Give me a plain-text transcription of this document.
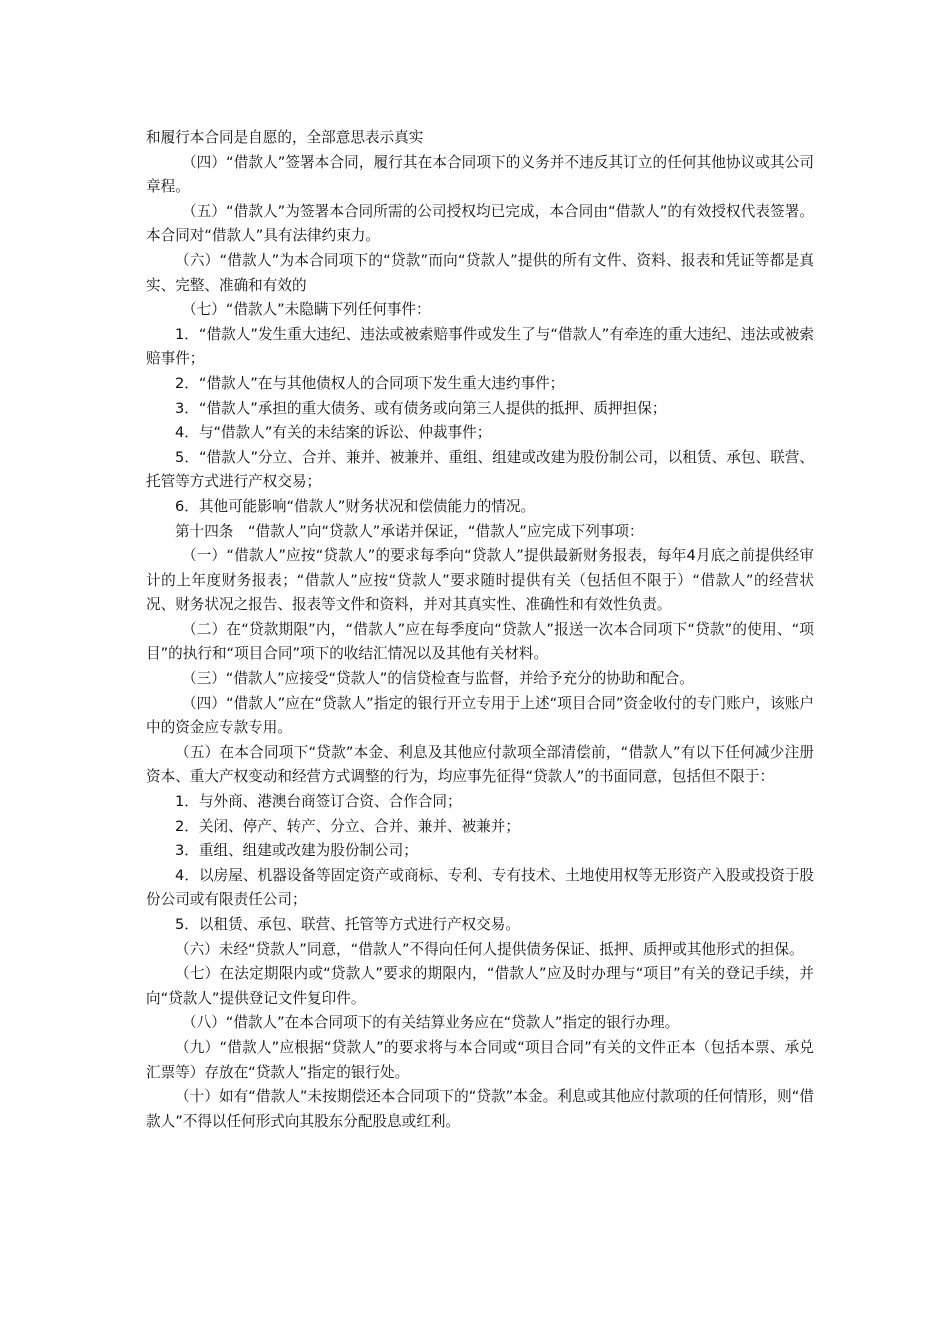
和履行本合同是自愿的，全部意思表示真实

（四）“借款人”签署本合同，履行其在本合同项下的义务并不违反其订立的任何其他协议或其公司章程。

（五）“借款人”为签署本合同所需的公司授权均已完成，本合同由“借款人”的有效授权代表签署。本合同对“借款人”具有法律约束力。

（六）“借款人”为本合同项下的“贷款”而向“贷款人”提供的所有文件、资料、报表和凭证等都是真实、完整、准确和有效的

（七）“借款人”未隐瞒下列任何事件：

1．“借款人”发生重大违纪、违法或被索赔事件或发生了与“借款人”有牵连的重大违纪、违法或被索赔事件；

2．“借款人”在与其他债权人的合同项下发生重大违约事件；

3．“借款人”承担的重大债务、或有债务或向第三人提供的抵押、质押担保；

4．与“借款人”有关的未结案的诉讼、仲裁事件；

5．“借款人”分立、合并、兼并、被兼并、重组、组建或改建为股份制公司，以租赁、承包、联营、托管等方式进行产权交易；

6．其他可能影响“借款人”财务状况和偿债能力的情况。

第十四条　“借款人”向“贷款人”承诺并保证，“借款人”应完成下列事项：

（一）“借款人”应按“贷款人”的要求每季向“贷款人”提供最新财务报表，每年4月底之前提供经审计的上年度财务报表；“借款人”应按“贷款人”要求随时提供有关（包括但不限于）“借款人”的经营状况、财务状况之报告、报表等文件和资料，并对其真实性、准确性和有效性负责。

（二）在“贷款期限”内，“借款人”应在每季度向“贷款人”报送一次本合同项下“贷款”的使用、“项目”的执行和“项目合同”项下的收结汇情况以及其他有关材料。

（三）“借款人”应接受“贷款人”的信贷检查与监督，并给予充分的协助和配合。

（四）“借款人”应在“贷款人”指定的银行开立专用于上述“项目合同”资金收付的专门账户，该账户中的资金应专款专用。

（五）在本合同项下“贷款”本金、利息及其他应付款项全部清偿前，“借款人”有以下任何减少注册资本、重大产权变动和经营方式调整的行为，均应事先征得“贷款人”的书面同意，包括但不限于：

1．与外商、港澳台商签订合资、合作合同；

2．关闭、停产、转产、分立、合并、兼并、被兼并；

3．重组、组建或改建为股份制公司；

4．以房屋、机器设备等固定资产或商标、专利、专有技术、土地使用权等无形资产入股或投资于股份公司或有限责任公司；

5．以租赁、承包、联营、托管等方式进行产权交易。

（六）未经“贷款人”同意，“借款人”不得向任何人提供债务保证、抵押、质押或其他形式的担保。

（七）在法定期限内或“贷款人”要求的期限内，“借款人”应及时办理与“项目”有关的登记手续，并向“贷款人”提供登记文件复印件。

（八）“借款人”在本合同项下的有关结算业务应在“贷款人”指定的银行办理。

（九）“借款人”应根据“贷款人”的要求将与本合同或“项目合同”有关的文件正本（包括本票、承兑汇票等）存放在“贷款人”指定的银行处。

（十）如有“借款人”未按期偿还本合同项下的“贷款”本金。利息或其他应付款项的任何情形，则“借款人”不得以任何形式向其股东分配股息或红利。
